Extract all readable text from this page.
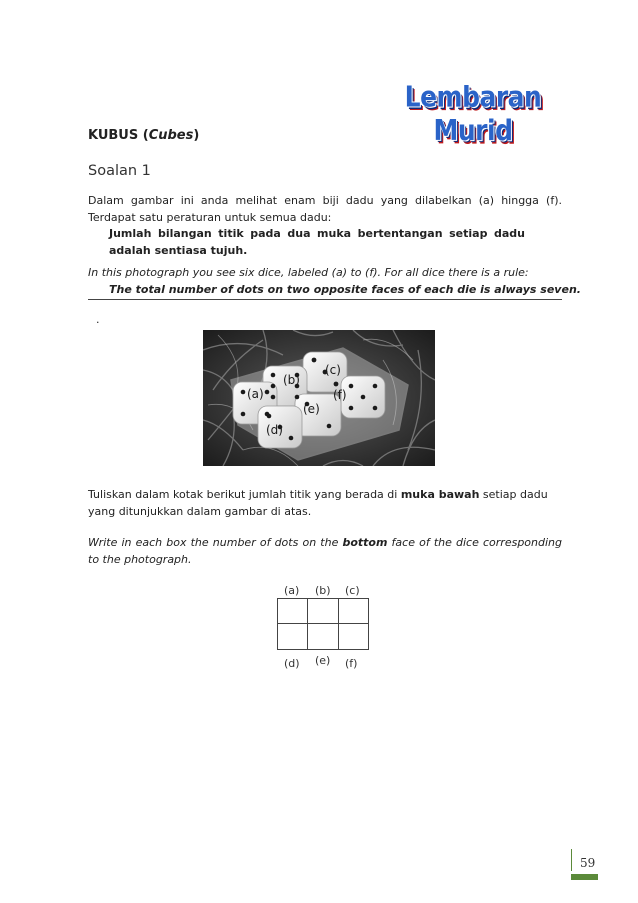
Lembaran Murid
KUBUS (Cubes)
Soalan 1
Dalam gambar ini anda melihat enam biji dadu yang dilabelkan (a) hingga (f). Terdapat satu peraturan untuk semua dadu:
Jumlah bilangan titik pada dua muka bertentangan setiap dadu adalah sentiasa tujuh.
In this photograph you see six dice, labeled (a) to (f). For all dice there is a rule:
The total number of dots on two opposite faces of each die is always seven.
.
(a)
(b)
(c)
(d)
(e)
(f)
Tuliskan dalam kotak berikut jumlah titik yang berada di muka bawah setiap dadu yang ditunjukkan dalam gambar di atas.
Write in each box the number of dots on the bottom face of the dice corresponding to the photograph.
(a) (b) (c)
(d) (e) (f)
59
